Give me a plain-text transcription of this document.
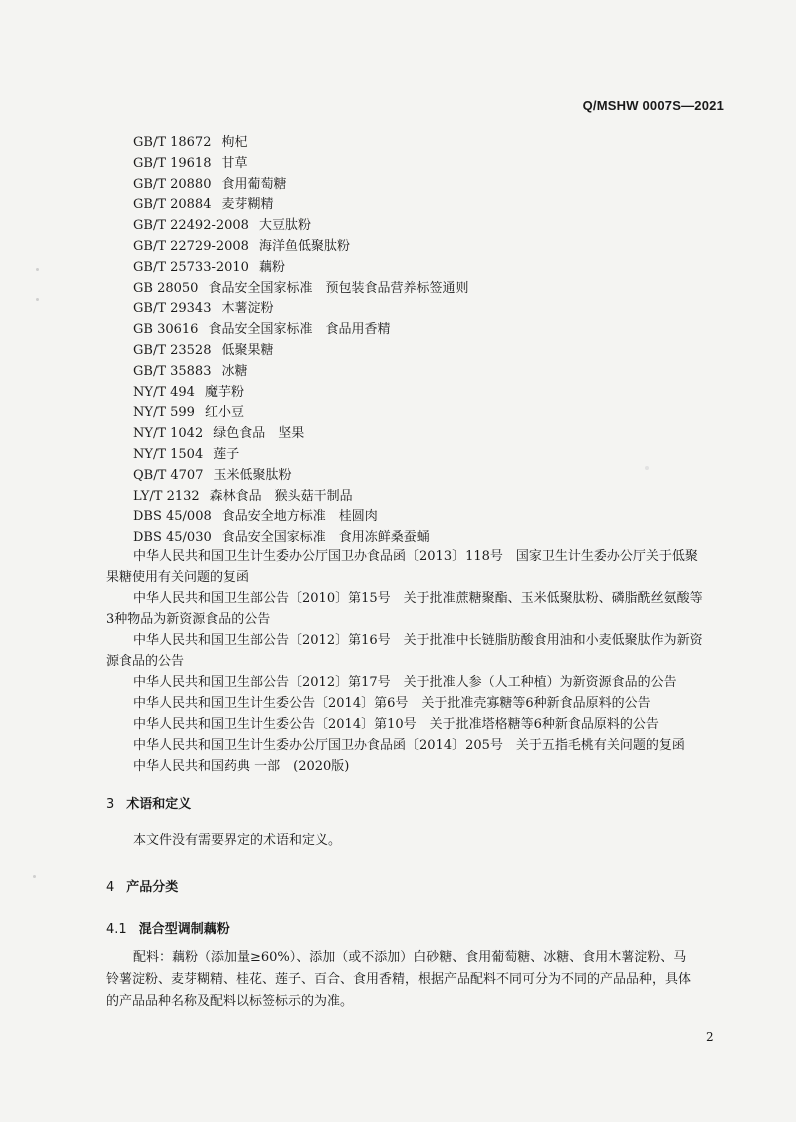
Q/MSHW 0007S—2021
GB/T 18672 枸杞
GB/T 19618 甘草
GB/T 20880 食用葡萄糖
GB/T 20884 麦芽糊精
GB/T 22492-2008 大豆肽粉
GB/T 22729-2008 海洋鱼低聚肽粉
GB/T 25733-2010 藕粉
GB 28050 食品安全国家标准　预包装食品营养标签通则
GB/T 29343 木薯淀粉
GB 30616 食品安全国家标准　食品用香精
GB/T 23528 低聚果糖
GB/T 35883 冰糖
NY/T 494 魔芋粉
NY/T 599 红小豆
NY/T 1042 绿色食品　坚果
NY/T 1504 莲子
QB/T 4707 玉米低聚肽粉
LY/T 2132 森林食品　猴头菇干制品
DBS 45/008 食品安全地方标准　桂圆肉
DBS 45/030 食品安全国家标准　食用冻鲜桑蚕蛹
中华人民共和国卫生计生委办公厅国卫办食品函〔2013〕118号　国家卫生计生委办公厅关于低聚
果糖使用有关问题的复函
中华人民共和国卫生部公告〔2010〕第15号　关于批准蔗糖聚酯、玉米低聚肽粉、磷脂酰丝氨酸等
3种物品为新资源食品的公告
中华人民共和国卫生部公告〔2012〕第16号　关于批准中长链脂肪酸食用油和小麦低聚肽作为新资
源食品的公告
中华人民共和国卫生部公告〔2012〕第17号　关于批准人参（人工种植）为新资源食品的公告
中华人民共和国卫生计生委公告〔2014〕第6号　关于批准壳寡糖等6种新食品原料的公告
中华人民共和国卫生计生委公告〔2014〕第10号　关于批准塔格糖等6种新食品原料的公告
中华人民共和国卫生计生委办公厅国卫办食品函〔2014〕205号　关于五指毛桃有关问题的复函
中华人民共和国药典 一部　(2020版)
3 术语和定义
本文件没有需要界定的术语和定义。
4 产品分类
4.1 混合型调制藕粉
配料：藕粉（添加量≥60%）、添加（或不添加）白砂糖、食用葡萄糖、冰糖、食用木薯淀粉、马
铃薯淀粉、麦芽糊精、桂花、莲子、百合、食用香精，根据产品配料不同可分为不同的产品品种，具体
的产品品种名称及配料以标签标示的为准。
2
